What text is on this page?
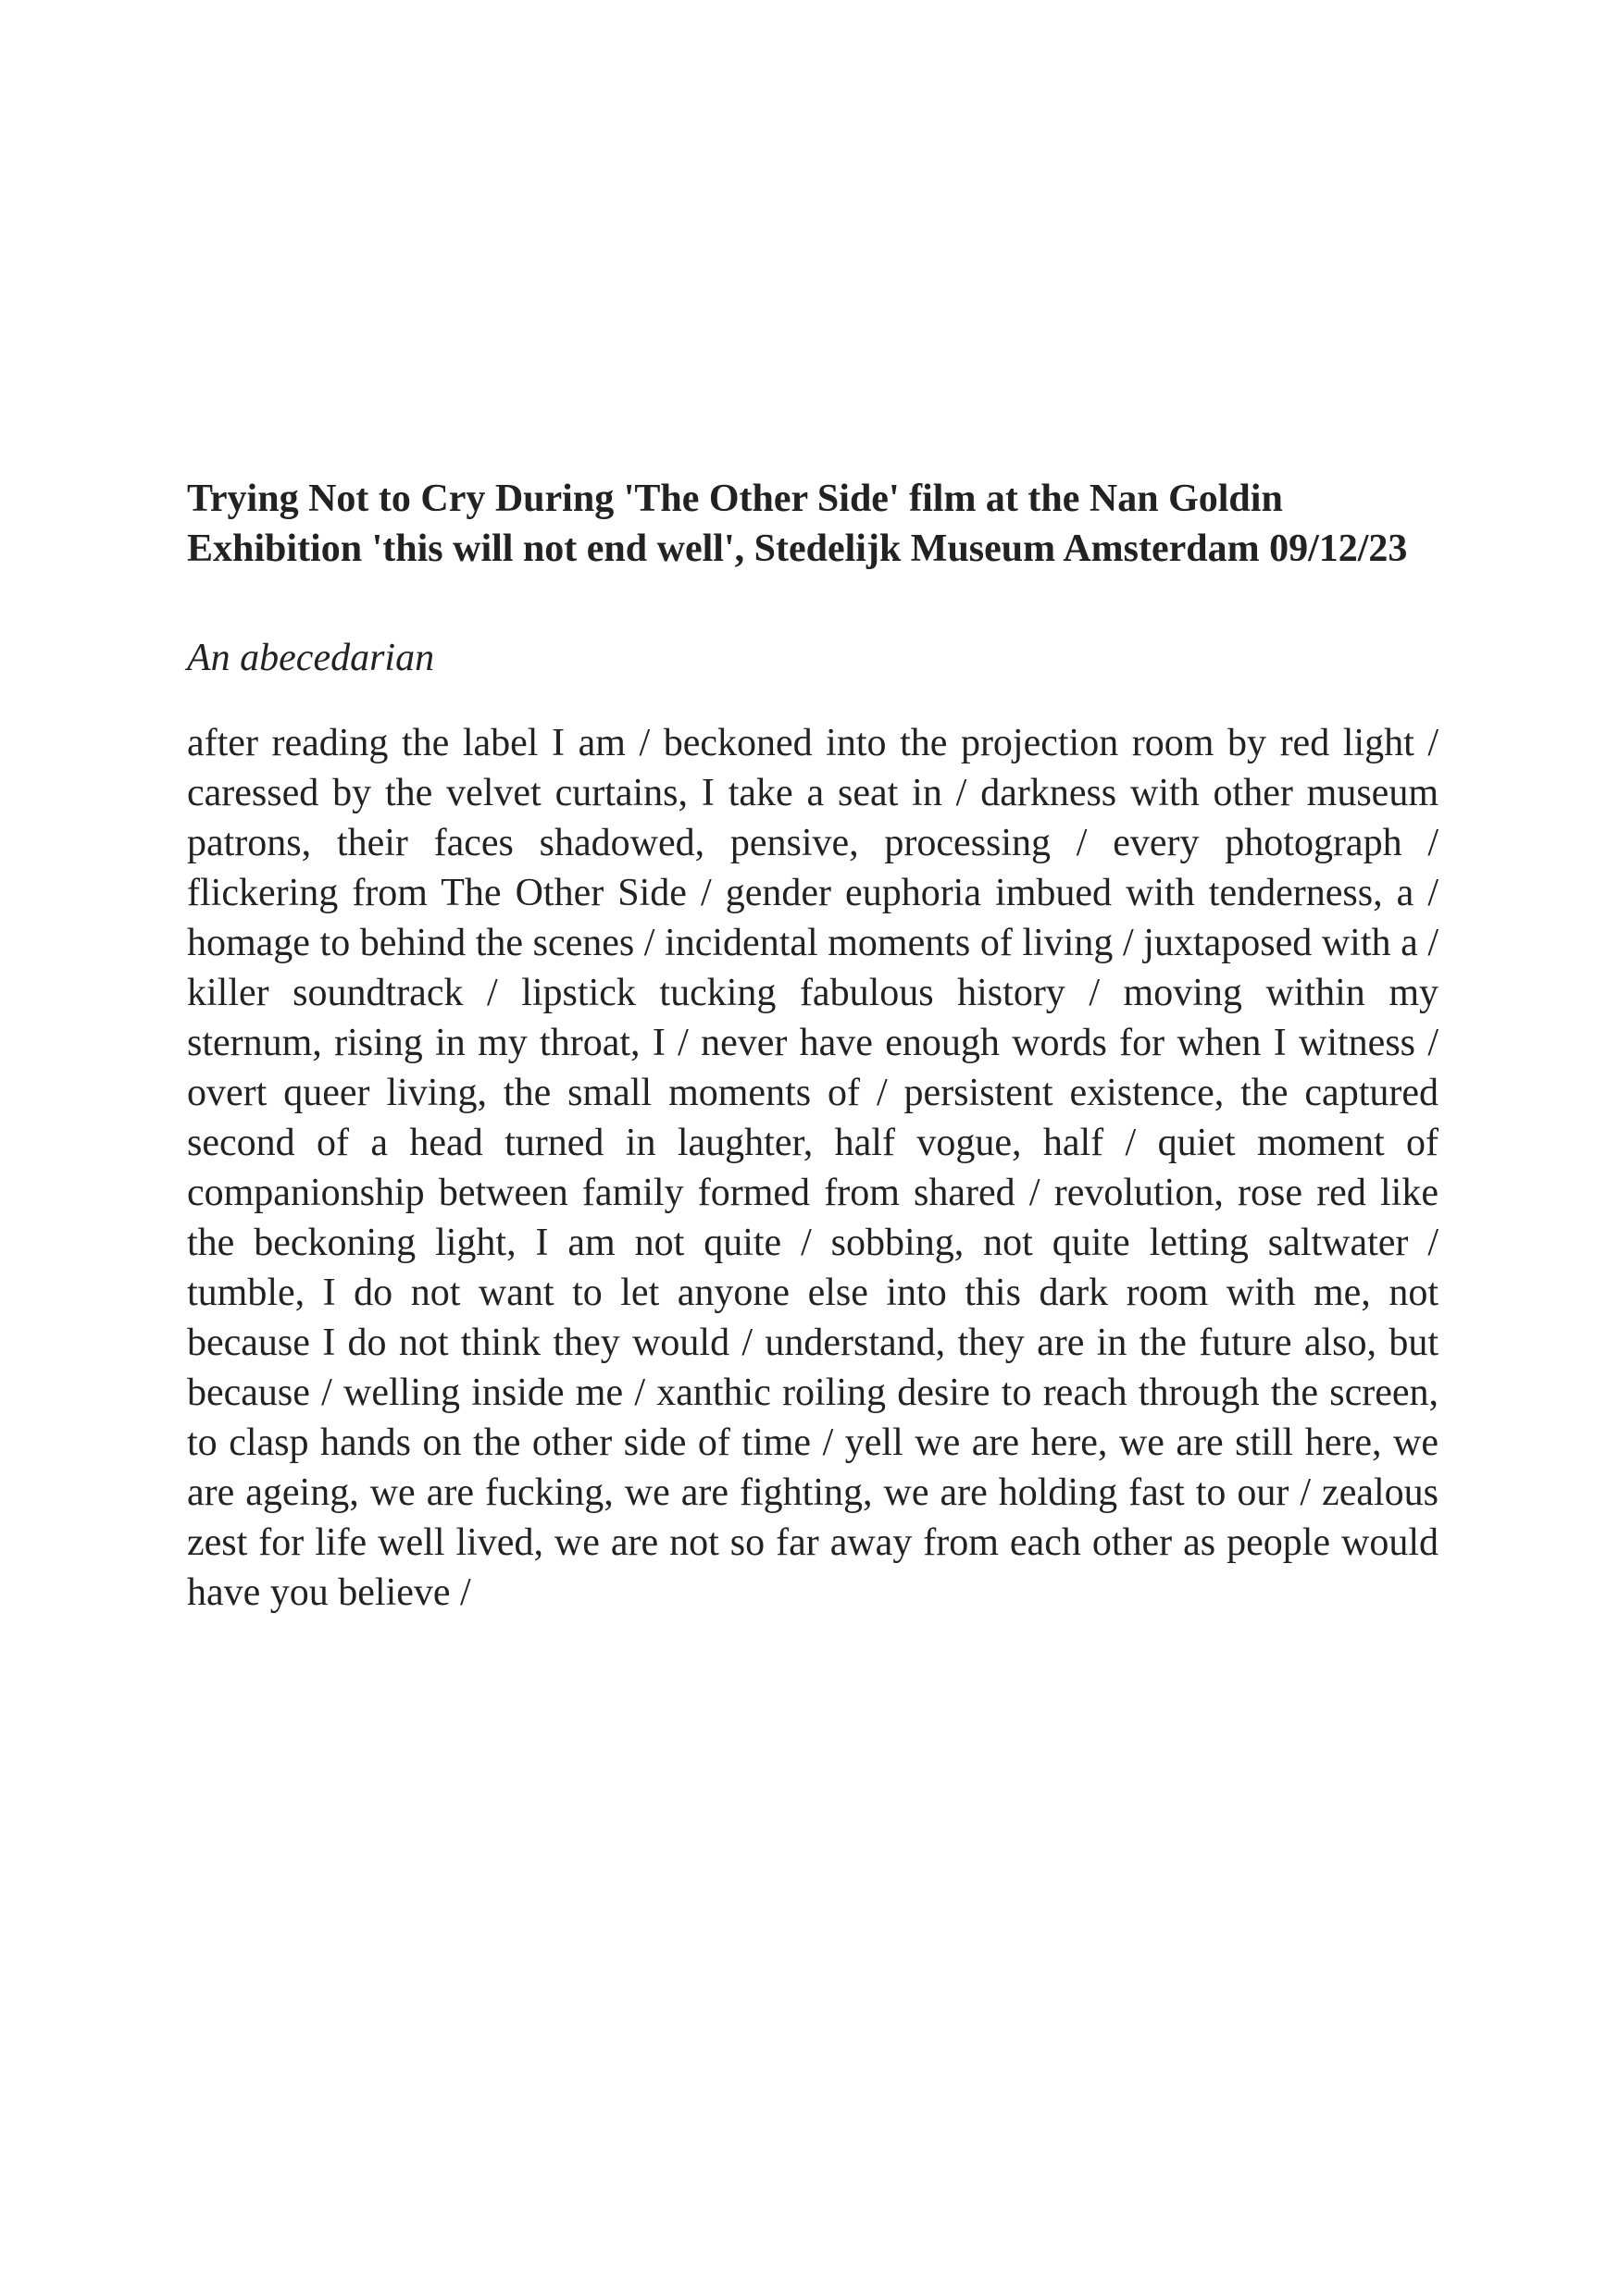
Trying Not to Cry During 'The Other Side' film at the Nan Goldin Exhibition 'this will not end well', Stedelijk Museum Amsterdam 09/12/23

An abecedarian

after reading the label I am / beckoned into the projection room by red light / caressed by the velvet curtains, I take a seat in / darkness with other museum patrons, their faces shadowed, pensive, processing / every photograph / flickering from The Other Side / gender euphoria imbued with tenderness, a / homage to behind the scenes / incidental moments of living / juxtaposed with a / killer soundtrack / lipstick tucking fabulous history / moving within my sternum, rising in my throat, I / never have enough words for when I witness / overt queer living, the small moments of / persistent existence, the captured second of a head turned in laughter, half vogue, half / quiet moment of companionship between family formed from shared / revolution, rose red like the beckoning light, I am not quite / sobbing, not quite letting saltwater / tumble, I do not want to let anyone else into this dark room with me, not because I do not think they would / understand, they are in the future also, but because / welling inside me / xanthic roiling desire to reach through the screen, to clasp hands on the other side of time / yell we are here, we are still here, we are ageing, we are fucking, we are fighting, we are holding fast to our / zealous zest for life well lived, we are not so far away from each other as people would have you believe /
